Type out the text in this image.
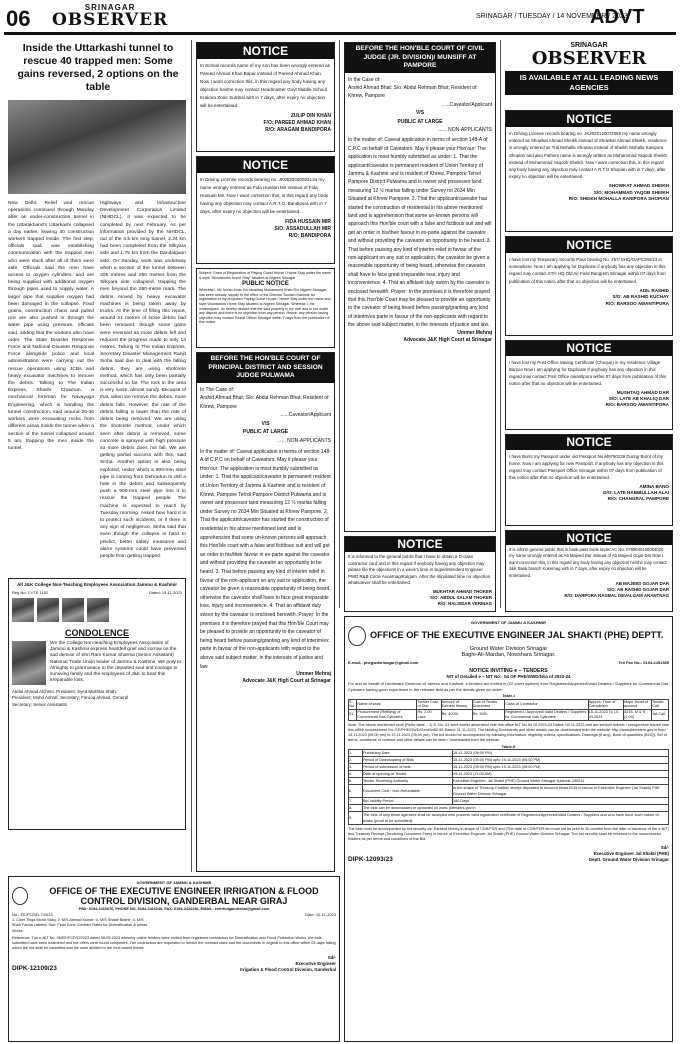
06	SRINAGAR
OBSERVER	SRINAGAR / TUESDAY / 14 NOVEMBER / 2023
ADVT
Inside the Uttarkashi tunnel to rescue 40 trapped men: Some gains reversed, 2 options on the table
New Delhi: Relief and rescue operations continued through Monday after an under-construction tunnel in the Uttarakhand's Uttarkashi collapsed a day earlier, leaving 40 construction workers trapped inside. The first step, officials said, was establishing communication with the trapped men who were stuck after all of them were safe. Officials said the men have access to oxygen cylinders, and are being supplied with additional oxygen through pipes used to supply water. A larger pipe that supplies oxygen had been damaged in the collapse. Food grains, construction chaos and pulled rice are also pushed in through the water pipe using pressure, officials said, adding that the workers also have order. The State Disaster Response Force and National Disaster Response Force alongside police and local administration were carrying out the rescue operations using JCBs and heavy excavator machines to remove the debris. Talking to The Indian Express, Shashi Chauhan, a mechanical foreman for Navayuga Engineering, which is handling the tunnel construction, said around 20-30 workers were excavating rocks from different areas inside the tunnel when a section of the tunnel collapsed around 5 am, trapping the men inside the tunnel.
Highways and Infrastructure Development Corporation Limited (NHIDCL), it was expected to be completed by next February. As per information provided by the NHIDCL, out of the 4.5 km long tunnel, 2.34 km had been completed from the Silkyara side and 1.75 km from the Dandalgaon side. On Sunday, work was underway when a section of the tunnel between 205 metres and 260 metres from the Silkyara side collapsed, trapping the men beyond the 260-metre mark. The debris moved by heavy excavator machines is being taken away by trucks. At the time of filling this report, around 21 metres of loose debris had been removed, though some gains were reversed as more debris fell and reduced the progress made to only 14 metres. Talking to The Indian Express, Secretary Disaster Management Ranjit Sinha said due to deal with the falling debris, they are using shotcrete method, which has only been partially successful so far. The rock in the area is very loose, almost sandy. Because of that, when we remove the debris, more debris falls. However, the rate of the debris falling is lower than the rate of debris being removed. We are using the shotcrete method, under which seen after debris is removed, some concrete is sprayed with high pressure so more debris does not fall. We are getting partial success with this, said Sinha. Another option is also being explored, under which a 900-mm steel pipe is coming from Dehradun to drill a hole in the debris and subsequently push a 900-mm steel pipe into it to rescue the trapped people. The machine is expected to reach by Tuesday morning. Asked how hard it is to protect such incidents, or if there is any sign of negligence, Sinha said that even though the collapse is hard to predict, better safety measures and alarm systems could have prevented people from getting trapped.
All J&K College Non-Teaching Employees Association Jammu & Kashmir
Reg No: CYTE 1162	Dated: 13-11-2023
CONDOLENCE
We the College Non-teaching Employees Association of Jammu & Kashmir express heartfelt grief and sorrow on the sad demise of Shri Ram Kumar Sharma (Senior Assistant) National Trade Union leader of Jammu & Kashmir. We pray to Almighty to grant peace to the departed soul and courage to surviving family and the employees of J&K to bear this irreparable loss.
Abdul Ahmad Alchem, President; Syed Mukhtar Shah, President; Mohd Ashraf, Secretary; Farooq Ahmad, General Secretary; Senior Assistants
NOTICE
In School records name of my son has been wrongly entered as Pareed Ahmad Khan Bapar instead of Pareed Ahmad Khan. Now I want correction this, in this regard any body having any objection he/she may contact Headmaster Govt Middle School Krakora Zone Sumbal with in 7 days, after expiry no objection will be entertained.
ZULIP DIN KHAN
F/O: PAREED AHMAD KHAN
R/O: ARAGAM BANDIPORA
NOTICE
In Driving License records bearing no. JK0520040003134 my name wrongly entered as Fida Hussan Mir instead of Fida Hussain Mir. Now I want correction this, in this regard any body having any objection may contact A.R.T.O. Bandipora with in 7 days, after expiry no objection will be entertained.
FIDA HUSSAIN MIR
S/O: ASSADULLAH MIR
R/O: BANDIPORA
Subject: Grant of Registration of Paying Guest House / Home Stay under the name & style "Woodworks Home Stay" situated at Nigeen Srinagar
PUBLIC NOTICE
Whereas I, Mr. Imran Khan S/o Mushtaq Mohammed Khan R/o Nigeen Srinagar, has been already happily to the office of the Director Tourism Kashmir for registration of my proposed Paying Guest House / Home Stay under the name and style Woodworks Home Stay situated at Nigeen Srinagar. Whereas I, the undersigned, do hereby declare that the said property is my own and is not under any dispute and there is no objection from any person. Hence, any person having objection may contact Tourist Officer Srinagar within 7 days from the publication of this notice.
BEFORE THE HON'BLE COURT OF PRINCIPAL DISTRICT AND SESSION JUDGE PULWAMA
In The Case of:
Arshid Ahmad Bhat; S/o: Abdul Rehman Bhat; Resident of: Khrew, Pampore
......Caveator/Applicant
V/S
PUBLIC AT LARGE
...... NON-APPLICANTS
In the matter of: Caveat application in terms of section 148-A of C.P.C on behalf of Caveators. May it please your Hon'our: The application is most humbly submitted as under: 1. That the applicant/caveator is permanent resident of Union Territory of Jammu & Kashmir and is resident of Khrew, Pampore Tehsil Pampore District Pulwama and is owner and possessor land measuring 12 ½ marlas falling under Survey no 2634 Min Situated at Khrew Pampore. 2. That the applicant/caveator has started the construction of residential in his above mentioned land and is apprehension that some un-known persons will approach this Hon'ble court with a false and fictitious suit and will get an order in his/their favour in ex-parte against the caveator and without providing the caveator an opportunity to be heard. 3. That before passing any kind of interim relief in favour of the non-applicant on any suit or application, the caveator be given a reasonable opportunity of being heard, otherwise the caveator shall have to face great irreparable loss, injury and inconvenience. 4. That an affidavit duly sworn by the caveator is enclosed herewith. Prayer: In the premises it is therefore prayed that this Hon'ble Court may be pleased to provide an opportunity to the caveator of being heard before passing/granting any kind of interim/ex parte in favour of the non-applicants with regard to the above said subject matter, in the interests of justice and law.
Ummer Mehraj
Advocate J&K High Court at Srinagar
BEFORE THE HON'BLE COURT OF CIVIL JUDGE (JR. DIVISION)/ MUNSIFF AT PAMPORE
In the Case of:
Arshid Ahmad Bhat; S/o: Abdul Rehman Bhat; Resident of: Khrew, Pampore
......Caveator/Applicant
V/S
PUBLIC AT LARGE
...... NON-APPLICANTS
In the matter of: Caveat application in terms of section 148-A of C.P.C on behalf of Caveators. May it please your Hon'our: The application is most humbly submitted as under: 1. That the applicant/caveator is permanent resident of Union Territory of Jammu & Kashmir and is resident of Khrew, Pampore Tehsil Pampore District Pulwama and is owner and possessor land measuring 12 ½ marlas falling under Survey no 2634 Min Situated at Khrew Pampore. 2. That the applicant/caveator has started the construction of residential in his above mentioned land and is apprehension that some un-known persons will approach this Hon'ble court with a false and fictitious suit and will get an order in his/their favour in ex-parte against the caveator and without providing the caveator an opportunity to be heard. 3. That before passing any kind of interim relief in favour of the non-applicant on any suit or application, the caveator be given a reasonable opportunity of being heard, otherwise the caveator shall have to face great irreparable loss, injury and inconvenience. 4. That an affidavit duly sworn by the caveator is enclosed herewith. Prayer: In the premises it is therefore prayed that this Hon'ble Court may be pleased to provide an opportunity to the caveator of being heard before passing/granting any kind of interim/ex parte in favour of the non-applicants with regard to the above said subject matter, in the interests of justice and law.
Ummer Mehraj
Advocate J&K High Court at Srinagar
NOTICE
It is informed to the general public that I have to obtain a D-class contractor card and in this regard if anybody having any objection may please file the objections in a week's time in Superintendent Engineer PWD R&B Circle Anantnag/Kulgam. After the stipulated time no objection whatsoever shall be entertained.
MUKHTAR AHMAD THOKER
S/O: ABDUL SALAM THOKER
R/O: HALSIDAR VERINAG
SRINAGAR
OBSERVER
IS AVAILABLE AT ALL LEADING NEWS AGENCIES
NOTICE
In Driving License records bearing no. JK2020120072065 my name wrongly entered as Showkat Ahmad Sheikh instead of Showkat Ahmad Shiekh, residence is wrongly entered as Tral Mohalla Shopian instead of Sheikh Mohalla Kanipora Shopian and also Fathers name is wrongly written as Muhammad Yaqoob Sheikh instead of Mohammad Yaqoob Sheikh. Now I want correction this, in this regard any body having any objection may contact A.R.T.O Shopian with in 7 days, after expiry no objection will be entertained.
SHOWKAT AHMAD SHEIKH
S/O: MOHAMMAD YAQOB SHEIKH
R/O: SHEIKH MOHALLA KANIPORA SHOPIAN
NOTICE
I have lost my Temporary Security Pass bearing No. 257/ SHQ/OAPCSW/23 in somewhere. Now I am applying for Duplicate if anybody has any objection in this regard may contact STH HQ Old Air Field Rangreth Srinagar within 07 days from publication of this notice after that no objection will be entertained.
ADIL RASHID
S/O: AB RASHID KUCHAY
R/O: BARSOO AWANTIPORA
NOTICE
I have lost my Post Office Saving Certificate (Cheque) in my residence Village Barsoo Now I am applying for Duplicate If anybody has any objection in this regard may contact Post Office Awantipora within 07 days from publication of this notice after that no objection will be entertained.
MUSHTAQ AHMAD DAR
S/O: LATE AB KHALIQ DAR
R/O: BARSOO AWANTIPORA
NOTICE
I have Burnt my Passport under old Passport No M9760239 During Burnt of my home. Now I am applying for new Passport. If anybody has any objection in this regard may contact Passport Office Srinagar within 07 days from publication of this notice after that no objection will be entertained.
AMINA BANO
D/O: LATE HABIBULLAH ALAI
R/O: CHANGRAL PAMPORE
NOTICE
It is inform general public that in bank pass book under AC No. 0759040100004020 my name wrongly entered as Ab Majeed Dar instead of Ab Majeed Gojar Dar Now I want correction this, in this regard any body having any objection he/she may contact J&K Bank branch Kokernag with in 7 days, after expiry no objection will be entertained.
AB MAJEED GOJAR DAR
S/O: AB RASHID GOJAR DAR
R/O: DARPORA NAGBAL DEVALGAM ANANTNAG
GOVERNMENT OF JAMMU & KASHMIR
OFFICE OF THE EXECUTIVE ENGINEER JAL SHAKTI (PHE) DEPTT.
Ground Water Division Srinagar
Baghi-Ali-Mardan, Nowshara Srinagar.
E-mail:- phegwdsrinagar@gmail.com	Tel/ Fax No:- 0194-2451385
NOTICE INVITING e – TENDERS
NIT of Detailed e – NIT No:- 54 OF PHE/GWD/Nsa of 2023-24
For and on behalf of Lieutenant Governor of Jammu and Kashmir, e-tenders are invited in (02 cover system) from Registered/Approved/Valid Dealers / Suppliers for Commercial Gas Cylinders having good experience in the relevant field as per the details given as under:
Table-I
S. No	Name of work	Tender Cost of Doc	Amount of Earnest Money	Cost of Tender Document	Class of Contractor	Approx. Time of Completion	Major Head of account	Tender Call
01	Procurement (Refilling) of Commercial Gas Cylinders	Rs. 2.00 Lacs	Rs. 4000/-	Rs. 500/-	Registered / Approved/ Valid Dealers / Suppliers for Commercial Gas Cylinders	15-11-2023 To 19-03-2024	4215- M & S (2.00)	1st Call
Note: The above mentioned work (Refer table – 1) S. No. 01 were earlier advertised vide this office NIT No 54 Of 2023-24 Dated: 09-11-2023 and are seldom redone / corrigendum issued vide this office endorsement No. EE/PHE/GWD/Genl/4462-56 Dated: 11-11-2023. The bidding Documents and other details can be downloaded from the website: http://www.jktenders.gov.in from 15.11.2023 (05:00 pm) to 19.11.2023 (05:00 pm). The bid should be accompanied by following information, eligibility criteria, specifications, Drawings (if any), Book of quantities (BOQ), Set of terms, conditions of contract and other details can be seen / downloaded from the website.
Table-II
1.	Publishing Date	15-11-2023 (05:00 PM)
2.	Period of Downloading of Bids	15-11-2023 (05:00 PM) upto 19-11-2023 (05:00 PM)
3.	Period of submission of bids	15-11-2023 (05:00 PM) upto 19-11-2023 (05:00 PM)
4.	Date of opening of Tender	19-11-2023 (11:00 AM)
5.	Tender Receiving Authority	Executive Engineer, Jal Shakti (PHE) Ground Water Srinagar Kashmir-190011
6.	Document Cost : Non-Refundable	In the shape of Treasury Challan/ receipt deposited to Account Head 0215 in favour of Executive Engineer (Jal Shakti) PHE Ground Water Division Srinagar
7.	Bid Validity Period	180 Days
8.	The bids can be downloaded or uploaded on www. jktenders.gov.in	
9.	The bids of only those agencies shall be accepted who possess valid registration certificate of Registered/Approved/Valid Dealers / Suppliers and who have done such nature of works (proof to be submitted).	
The bids must be accompanied by bid security viz: Earnest Money in shape of CDR/FDR and (The date of CDR/FDR etc must not be prior to 30 months from the date of issuance of the e-NIT) and Treasury Receipt (Tendering Document Fees) in favour of Executive Engineer Jal Shakti (PHE) Ground Water Division Srinagar. The bid security shall be returned to the unsuccessful bidders as per terms and conditions of the Bid.
DIPK-12093/23
Sd/-
Executive Engineer Jal Shakti (PHE)
Deptt. Ground Water Division Srinagar
GOVERNMENT OF JAMMU & KASHMIR
OFFICE OF THE EXECUTIVE ENGINEER IRRIGATION & FLOOD CONTROL DIVISION, GANDERBAL NEAR GIRAJ
PBX: 0194-2416076, PHONE NO. 0194-2416246, FAX: 0194-2416246, EMAIL: eeirrfcdganderbal@gmail.com
No.: EE/FCD/D-7/2023	Date: 10-11-2023
1. Chief Tinga Mohd Sidiq; 2. M/S Ahmad Kumar; 3. M/S Shabir Bashir; 4. M/S Shah Farida Lateefa; Sub: Final Done Contract Rates for Diversification & pheas Works
Reference: The e-NIT No. 06/EE/FCD/D/2023 dated 08-09-2023 whereby online tenders were invited from registered contractors for Diversification and Flood Protection Works, the bids submitted have been examined and the offers were found competent. The contractors are requested to furnish the contract rates and the documents in original to this office within 03 days failing which the bid shall be cancelled and the work allotted to the next lowest bidder.
DIPK-12109/23
Sd/-
Executive Engineer
Irrigation & Flood Control Division, Ganderbal
